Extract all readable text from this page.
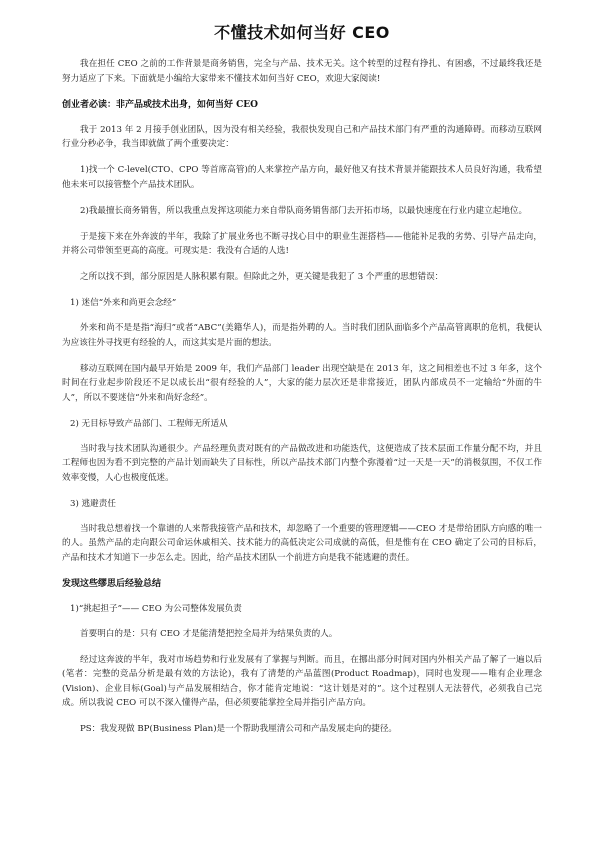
不懂技术如何当好 CEO
我在担任 CEO 之前的工作背景是商务销售，完全与产品、技术无关。这个转型的过程有挣扎、有困惑，不过最终我还是努力适应了下来。下面就是小编给大家带来不懂技术如何当好 CEO，欢迎大家阅读!
创业者必读：非产品或技术出身，如何当好 CEO
我于 2013 年 2 月接手创业团队，因为没有相关经验，我很快发现自己和产品技术部门有严重的沟通障碍。而移动互联网行业分秒必争，我当即就做了两个重要决定：
1)找一个 C-level(CTO、CPO 等首席高管)的人来掌控产品方向，最好他又有技术背景并能跟技术人员良好沟通，我希望他未来可以接管整个产品技术团队。
2)我最擅长商务销售，所以我重点发挥这项能力来自带队商务销售部门去开拓市场，以最快速度在行业内建立起地位。
于是接下来在外奔波的半年，我除了扩展业务也不断寻找心目中的职业生涯搭档——他能补足我的劣势、引导产品走向，并将公司带领至更高的高度。可现实是：我没有合适的人选!
之所以找不到，部分原因是人脉积累有限。但除此之外，更关键是我犯了 3 个严重的思想错误：
1) 迷信“外来和尚更会念经”
外来和尚不是是指“海归”或者“ABC”(美籍华人)，而是指外聘的人。当时我们团队面临多个产品高管离职的危机，我便认为应该往外寻找更有经验的人，而这其实是片面的想法。
移动互联网在国内最早开始是 2009 年，我们产品部门 leader 出现空缺是在 2013 年，这之间相差也不过 3 年多，这个时间在行业起步阶段还不足以成长出“很有经验的人”，大家的能力层次还是非常接近，团队内部成员不一定输给“外面的牛人”，所以不要迷信“外来和尚好念经”。
2) 无目标导致产品部门、工程师无所适从
当时我与技术团队沟通很少。产品经理负责对既有的产品做改进和功能迭代，这便造成了技术层面工作量分配不均，并且工程师也因为看不到完整的产品计划而缺失了目标性，所以产品技术部门内整个弥漫着“过一天是一天”的消极氛围，不仅工作效率变慢，人心也极度低迷。
3) 逃避责任
当时我总想着找一个靠谱的人来帮我接管产品和技术，却忽略了一个重要的管理逻辑——CEO 才是带给团队方向感的唯一的人。虽然产品的走向跟公司命运休戚相关、技术能力的高低决定公司成就的高低，但是惟有在 CEO 确定了公司的目标后，产品和技术才知道下一步怎么走。因此，给产品技术团队一个前进方向是我不能逃避的责任。
发现这些缪思后经验总结
1)“挑起担子”—— CEO 为公司整体发展负责
首要明白的是：只有 CEO 才是能清楚把控全局并为结果负责的人。
经过这奔波的半年，我对市场趋势和行业发展有了掌握与判断。而且，在挪出部分时间对国内外相关产品了解了一遍以后(笔者：完整的竞品分析是最有效的方法论)，我有了清楚的产品蓝图(Product Roadmap)，同时也发现——唯有企业理念(Vision)、企业目标(Goal)与产品发展相结合，你才能肯定地说：“这计划是对的”。这个过程别人无法替代，必须我自己完成。所以我说 CEO 可以不深入懂得产品，但必须要能掌控全局并指引产品方向。
PS：我发现做 BP(Business Plan)是一个帮助我厘清公司和产品发展走向的捷径。
